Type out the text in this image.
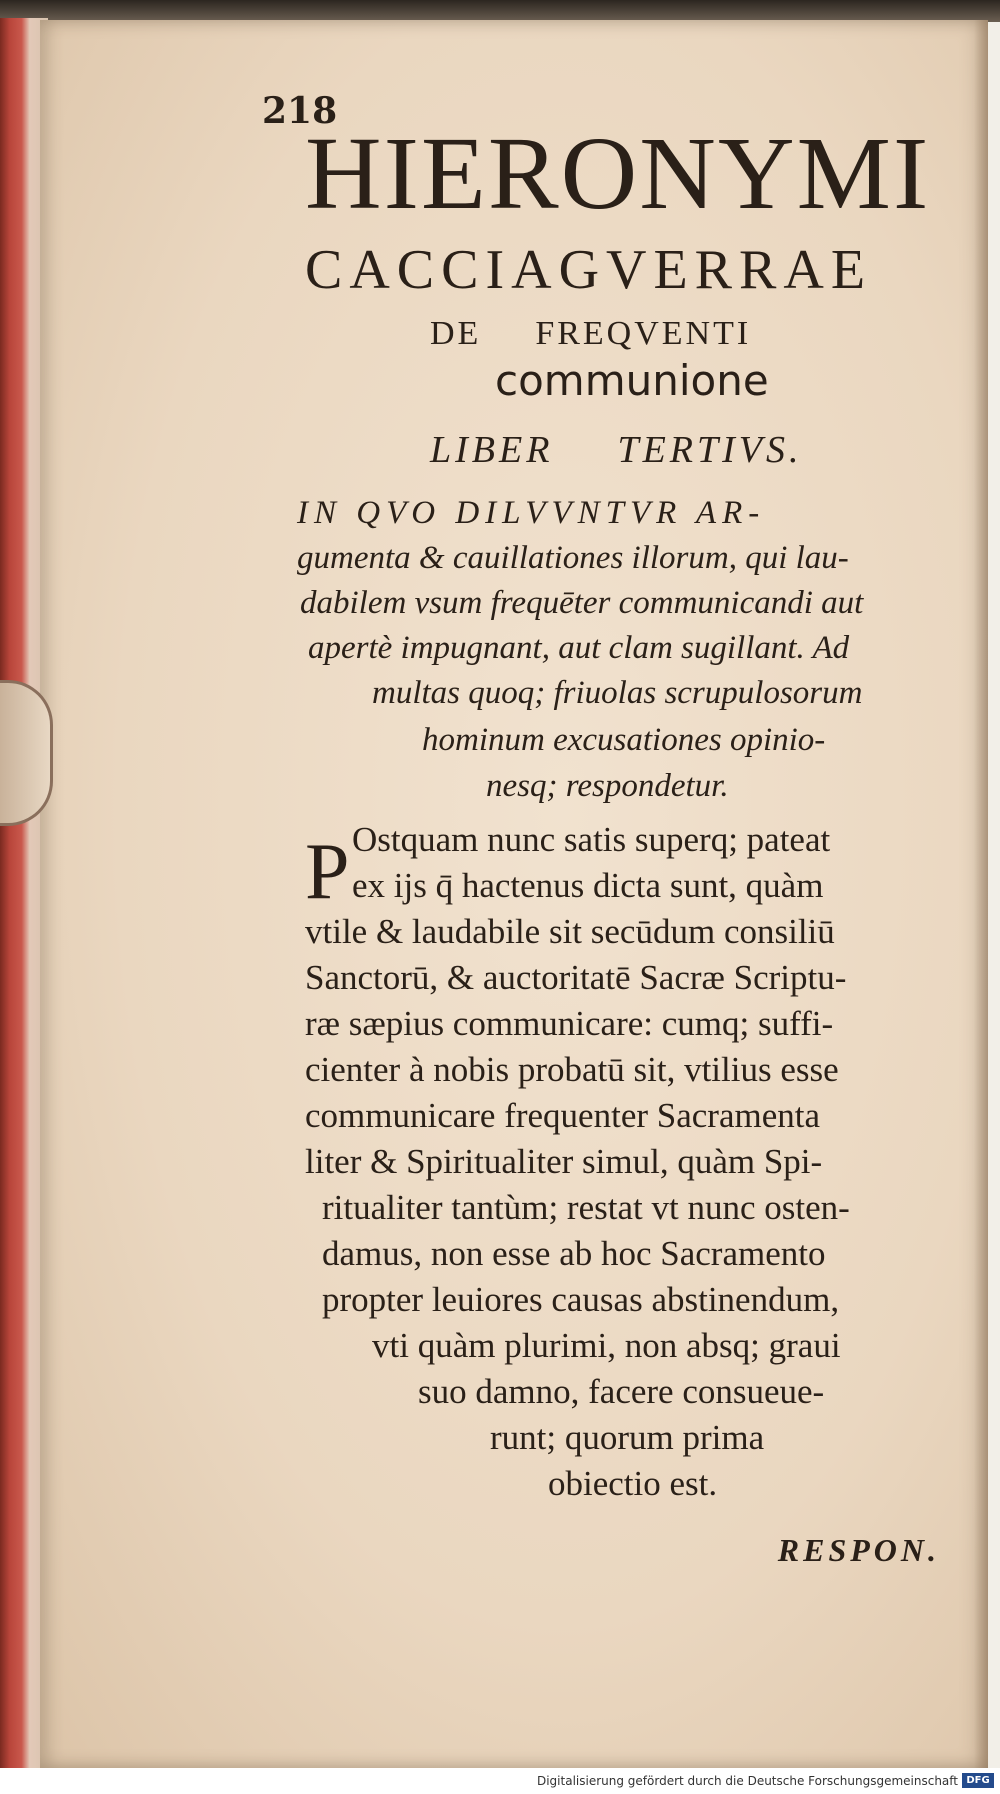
218
HIERONYMI
CACCIAGVERRAE
DE FREQVENTI
communione
LIBER TERTIVS.
IN QVO DILVVNTVR AR-
gumenta & cauillationes illorum, qui lau-
dabilem vsum frequēter communicandi aut
apertè impugnant, aut clam sugillant. Ad
multas quoq; friuolas scrupulosorum
hominum excusationes opinio-
nesq; respondetur.
P Ostquam nunc satis superq; pateat
ex ijs q̄ hactenus dicta sunt, quàm
vtile & laudabile sit secūdum consiliū
Sanctorū, & auctoritatē Sacræ Scriptu-
ræ sæpius communicare: cumq; suffi-
cienter à nobis probatū sit, vtilius esse
communicare frequenter Sacramenta
liter & Spiritualiter simul, quàm Spi-
ritualiter tantùm; restat vt nunc osten-
damus, non esse ab hoc Sacramento
propter leuiores causas abstinendum,
vti quàm plurimi, non absq; graui
suo damno, facere consueue-
runt; quorum prima
obiectio est.
RESPON.
Digitalisierung gefördert durch die Deutsche Forschungsgemeinschaft DFG
